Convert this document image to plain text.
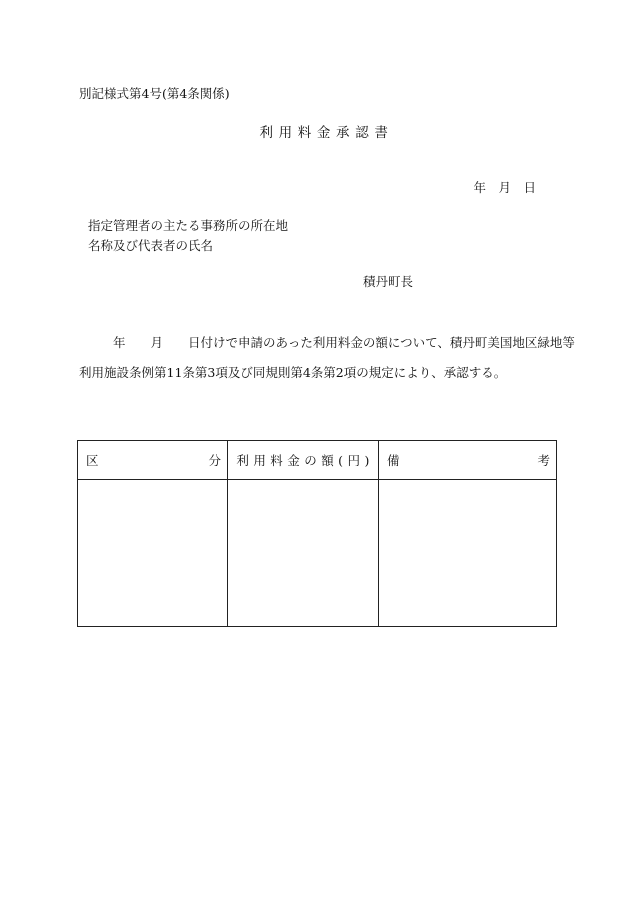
別記様式第4号(第4条関係)
利 用 料 金 承 認 書
年　月　日
指定管理者の主たる事務所の所在地
名称及び代表者の氏名
積丹町長
年 月 日付けで申請のあった利用料金の額について、積丹町美国地区緑地等
利用施設条例第11条第3項及び同規則第4条第2項の規定により、承認する。
区 分	利 用 料 金 の 額 ( 円 )	備 考
